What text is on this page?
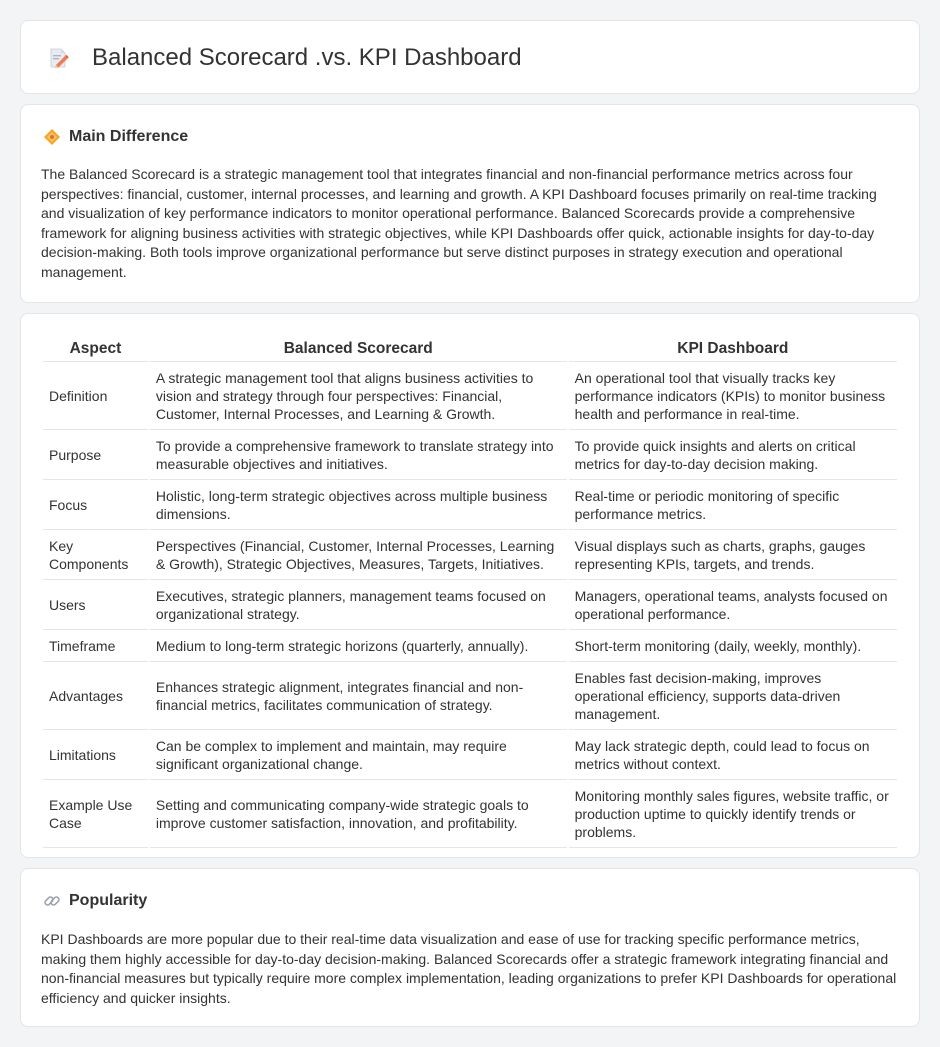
Balanced Scorecard .vs. KPI Dashboard
Main Difference
The Balanced Scorecard is a strategic management tool that integrates financial and non-financial performance metrics across four perspectives: financial, customer, internal processes, and learning and growth. A KPI Dashboard focuses primarily on real-time tracking and visualization of key performance indicators to monitor operational performance. Balanced Scorecards provide a comprehensive framework for aligning business activities with strategic objectives, while KPI Dashboards offer quick, actionable insights for day-to-day decision-making. Both tools improve organizational performance but serve distinct purposes in strategy execution and operational management.
Aspect	Balanced Scorecard	KPI Dashboard
Definition	A strategic management tool that aligns business activities to vision and strategy through four perspectives: Financial, Customer, Internal Processes, and Learning & Growth.	An operational tool that visually tracks key performance indicators (KPIs) to monitor business health and performance in real-time.
Purpose	To provide a comprehensive framework to translate strategy into measurable objectives and initiatives.	To provide quick insights and alerts on critical metrics for day-to-day decision making.
Focus	Holistic, long-term strategic objectives across multiple business dimensions.	Real-time or periodic monitoring of specific performance metrics.
Key Components	Perspectives (Financial, Customer, Internal Processes, Learning & Growth), Strategic Objectives, Measures, Targets, Initiatives.	Visual displays such as charts, graphs, gauges representing KPIs, targets, and trends.
Users	Executives, strategic planners, management teams focused on organizational strategy.	Managers, operational teams, analysts focused on operational performance.
Timeframe	Medium to long-term strategic horizons (quarterly, annually).	Short-term monitoring (daily, weekly, monthly).
Advantages	Enhances strategic alignment, integrates financial and non-financial metrics, facilitates communication of strategy.	Enables fast decision-making, improves operational efficiency, supports data-driven management.
Limitations	Can be complex to implement and maintain, may require significant organizational change.	May lack strategic depth, could lead to focus on metrics without context.
Example Use Case	Setting and communicating company-wide strategic goals to improve customer satisfaction, innovation, and profitability.	Monitoring monthly sales figures, website traffic, or production uptime to quickly identify trends or problems.
Popularity
KPI Dashboards are more popular due to their real-time data visualization and ease of use for tracking specific performance metrics, making them highly accessible for day-to-day decision-making. Balanced Scorecards offer a strategic framework integrating financial and non-financial measures but typically require more complex implementation, leading organizations to prefer KPI Dashboards for operational efficiency and quicker insights.
